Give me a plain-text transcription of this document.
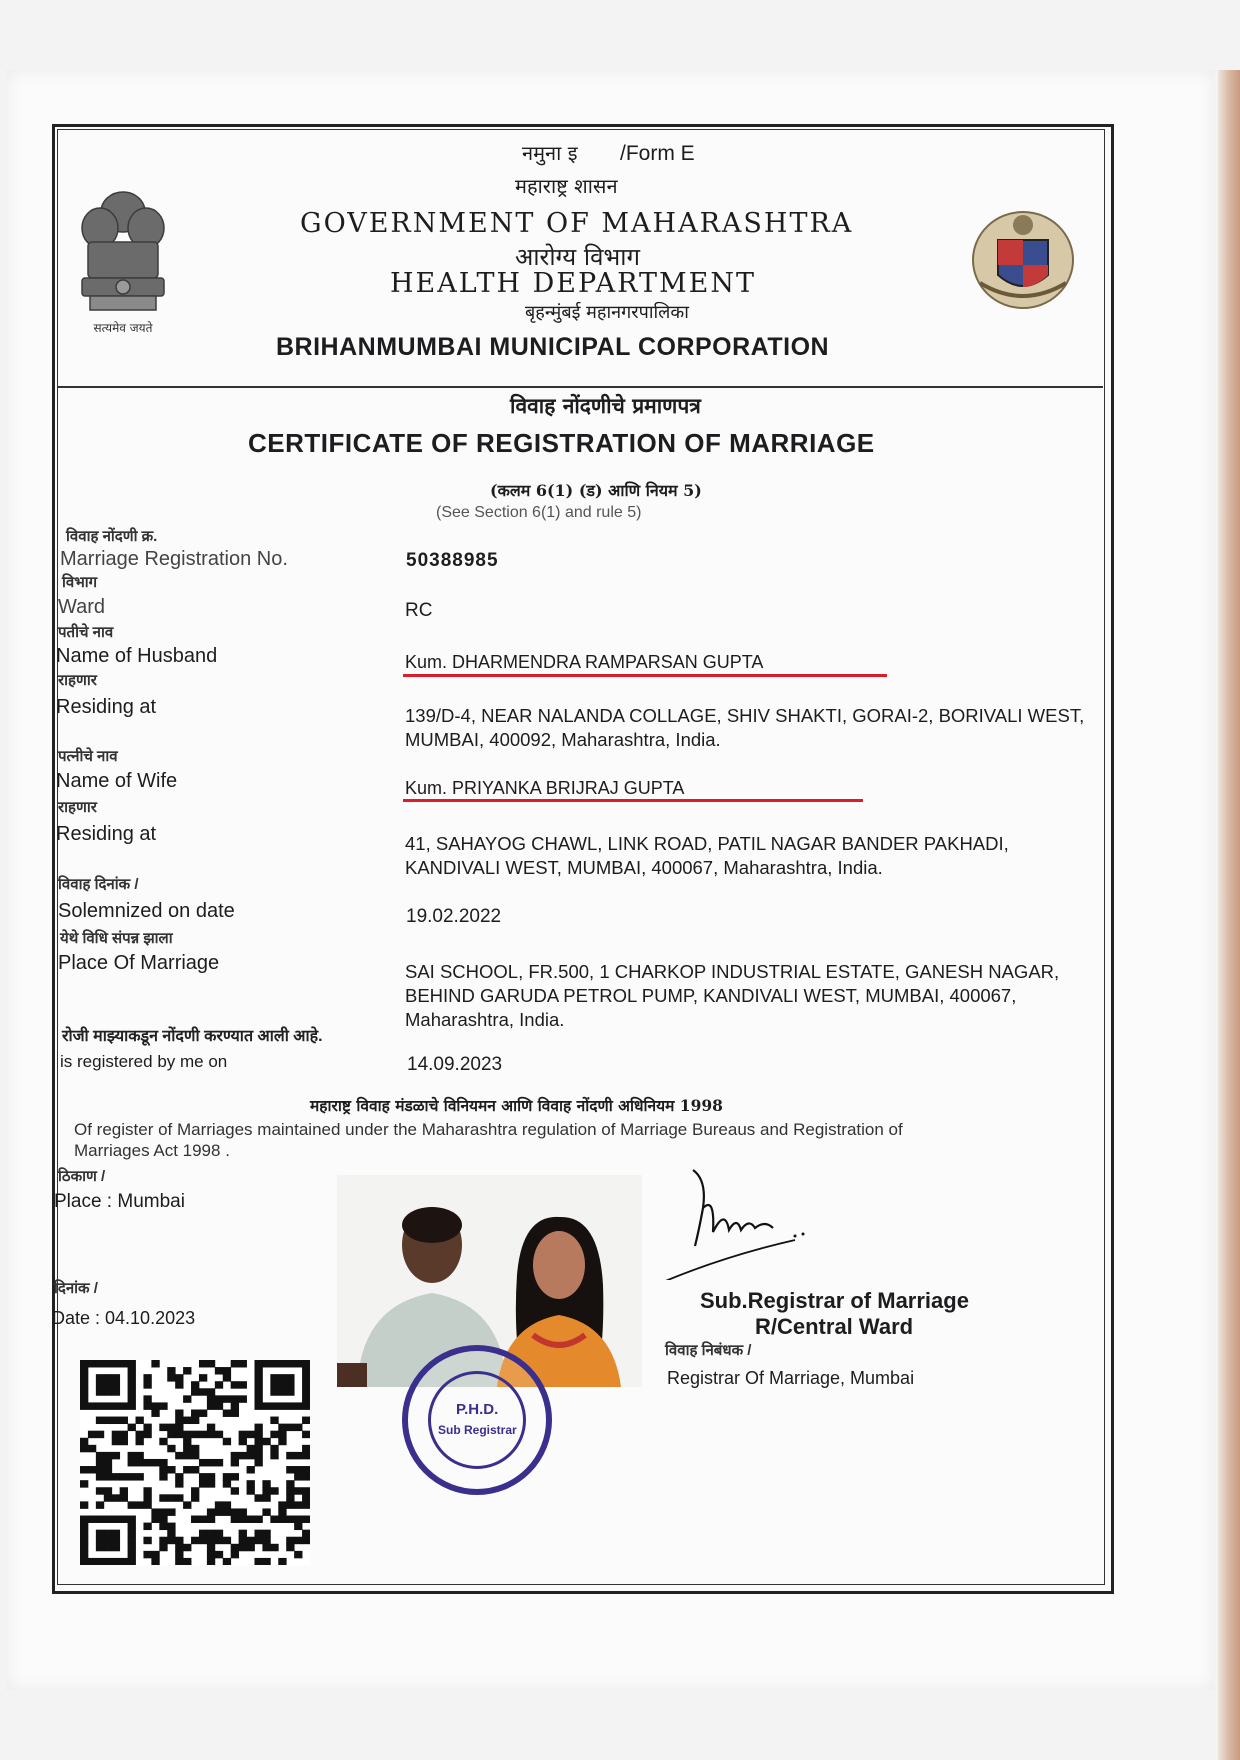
सत्यमेव जयते
नमुना इ /Form E
महाराष्ट्र शासन
GOVERNMENT OF MAHARASHTRA
आरोग्य विभाग
HEALTH DEPARTMENT
बृहन्मुंबई महानगरपालिका
BRIHANMUMBAI MUNICIPAL CORPORATION
विवाह नोंदणीचे प्रमाणपत्र
CERTIFICATE OF REGISTRATION OF MARRIAGE
(कलम 6(1) (ड) आणि नियम 5)
(See Section 6(1) and rule 5)
विवाह नोंदणी क्र.
Marriage Registration No.	50388985
विभाग
Ward	RC
पतीचे नाव
Name of Husband	Kum. DHARMENDRA RAMPARSAN GUPTA
राहणार
Residing at	139/D-4, NEAR NALANDA COLLAGE, SHIV SHAKTI, GORAI-2, BORIVALI WEST, MUMBAI, 400092, Maharashtra, India.
पत्नीचे नाव
Name of Wife	Kum. PRIYANKA BRIJRAJ GUPTA
राहणार
Residing at	41, SAHAYOG CHAWL, LINK ROAD, PATIL NAGAR BANDER PAKHADI, KANDIVALI WEST, MUMBAI, 400067, Maharashtra, India.
विवाह दिनांक /
Solemnized on date	19.02.2022
येथे विधि संपन्न झाला
Place Of Marriage	SAI SCHOOL, FR.500, 1 CHARKOP INDUSTRIAL ESTATE, GANESH NAGAR, BEHIND GARUDA PETROL PUMP, KANDIVALI WEST, MUMBAI, 400067, Maharashtra, India.
रोजी माझ्याकडून नोंदणी करण्यात आली आहे.
is registered by me on	14.09.2023
महाराष्ट्र विवाह मंडळाचे विनियमन आणि विवाह नोंदणी अधिनियम 1998
Of register of Marriages maintained under the Maharashtra regulation of Marriage Bureaus and Registration of
Marriages Act 1998 .
ठिकाण /
Place : Mumbai
दिनांक /
Date : 04.10.2023
P.H.D.
Sub Registrar
Sub.Registrar of Marriage
R/Central Ward
विवाह निबंधक /
Registrar Of Marriage, Mumbai
